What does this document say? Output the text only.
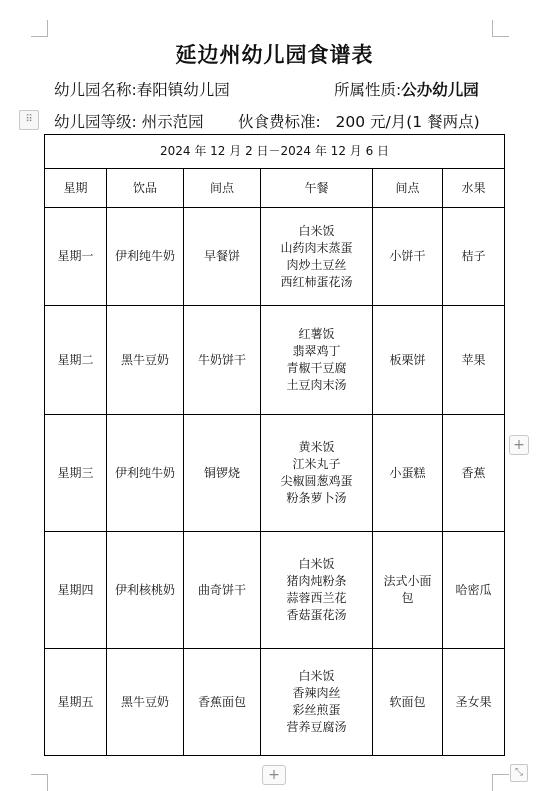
延边州幼儿园食谱表
幼儿园名称:春阳镇幼儿园	所属性质:公办幼儿园
⠿	幼儿园等级: 州示范园 伙食费标准: 200 元/月(1 餐两点)
2024 年 12 月 2 日－2024 年 12 月 6 日					
星期	饮品	间点	午餐	间点	水果
星期一	伊利纯牛奶	早餐饼	白米饭
山药肉末蒸蛋
肉炒土豆丝
西红柿蛋花汤	小饼干	桔子
星期二	黑牛豆奶	牛奶饼干	红薯饭
翡翠鸡丁
青椒干豆腐
土豆肉末汤	板栗饼	苹果
星期三	伊利纯牛奶	铜锣烧	黄米饭
江米丸子
尖椒圆葱鸡蛋
粉条萝卜汤	小蛋糕	香蕉
星期四	伊利核桃奶	曲奇饼干	白米饭
猪肉炖粉条
蒜蓉西兰花
香菇蛋花汤	法式小面包	哈密瓜
星期五	黑牛豆奶	香蕉面包	白米饭
香辣肉丝
彩丝煎蛋
营养豆腐汤	软面包	圣女果
+
+	⤡
